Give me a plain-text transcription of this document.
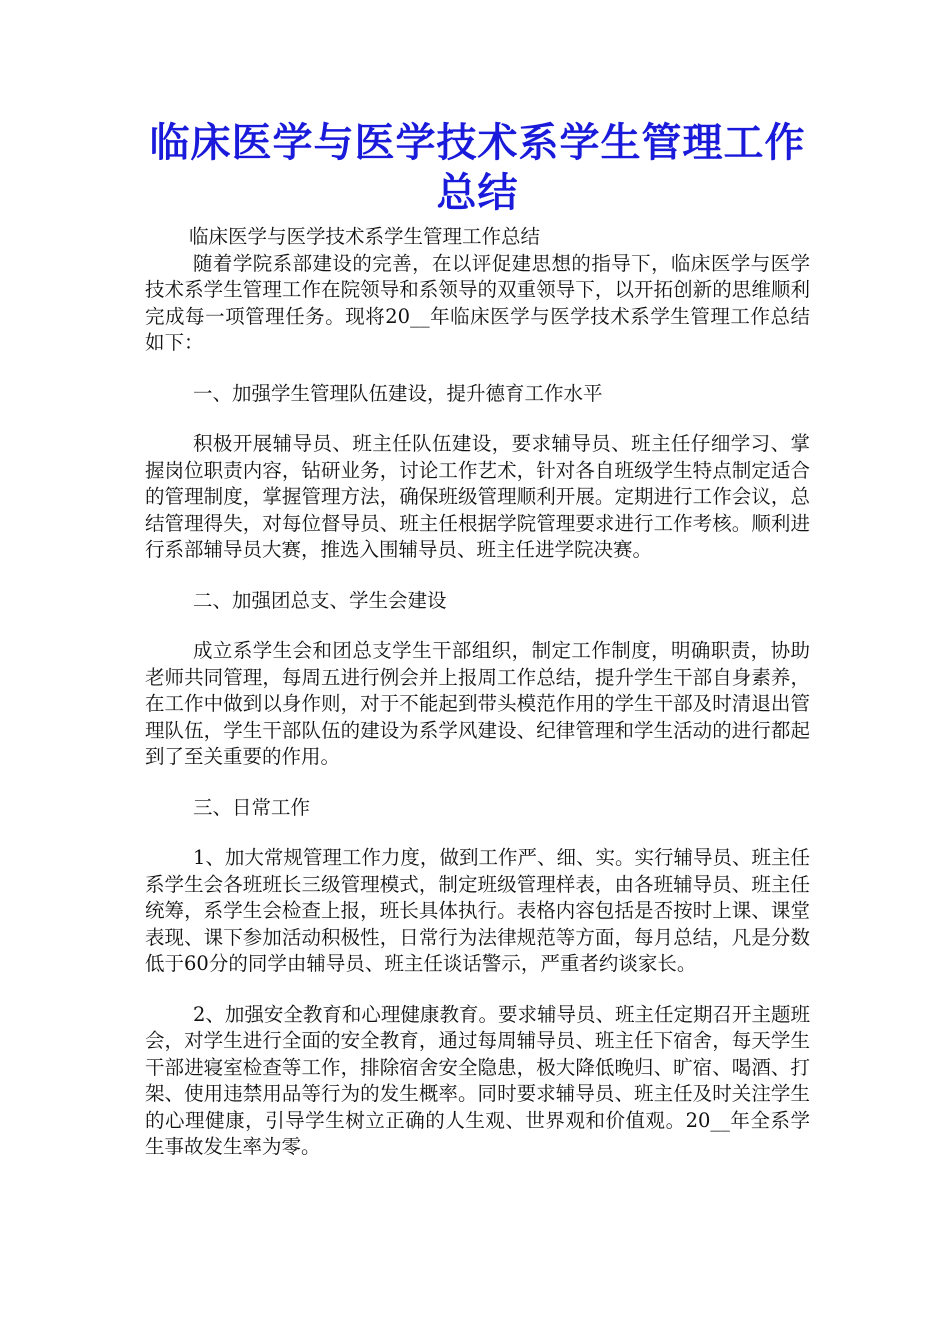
临床医学与医学技术系学生管理工作总结

临床医学与医学技术系学生管理工作总结

随着学院系部建设的完善，在以评促建思想的指导下，临床医学与医学技术系学生管理工作在院领导和系领导的双重领导下，以开拓创新的思维顺利完成每一项管理任务。现将20__年临床医学与医学技术系学生管理工作总结如下：

一、加强学生管理队伍建设，提升德育工作水平

积极开展辅导员、班主任队伍建设，要求辅导员、班主任仔细学习、掌握岗位职责内容，钻研业务，讨论工作艺术，针对各自班级学生特点制定适合的管理制度，掌握管理方法，确保班级管理顺利开展。定期进行工作会议，总结管理得失，对每位督导员、班主任根据学院管理要求进行工作考核。顺利进行系部辅导员大赛，推选入围辅导员、班主任进学院决赛。

二、加强团总支、学生会建设

成立系学生会和团总支学生干部组织，制定工作制度，明确职责，协助老师共同管理，每周五进行例会并上报周工作总结，提升学生干部自身素养，在工作中做到以身作则，对于不能起到带头模范作用的学生干部及时清退出管理队伍，学生干部队伍的建设为系学风建设、纪律管理和学生活动的进行都起到了至关重要的作用。

三、日常工作

1、加大常规管理工作力度，做到工作严、细、实。实行辅导员、班主任系学生会各班班长三级管理模式，制定班级管理样表，由各班辅导员、班主任统筹，系学生会检查上报，班长具体执行。表格内容包括是否按时上课、课堂表现、课下参加活动积极性，日常行为法律规范等方面，每月总结，凡是分数低于60分的同学由辅导员、班主任谈话警示，严重者约谈家长。

2、加强安全教育和心理健康教育。要求辅导员、班主任定期召开主题班会，对学生进行全面的安全教育，通过每周辅导员、班主任下宿舍，每天学生干部进寝室检查等工作，排除宿舍安全隐患，极大降低晚归、旷宿、喝酒、打架、使用违禁用品等行为的发生概率。同时要求辅导员、班主任及时关注学生的心理健康，引导学生树立正确的人生观、世界观和价值观。20__年全系学生事故发生率为零。
